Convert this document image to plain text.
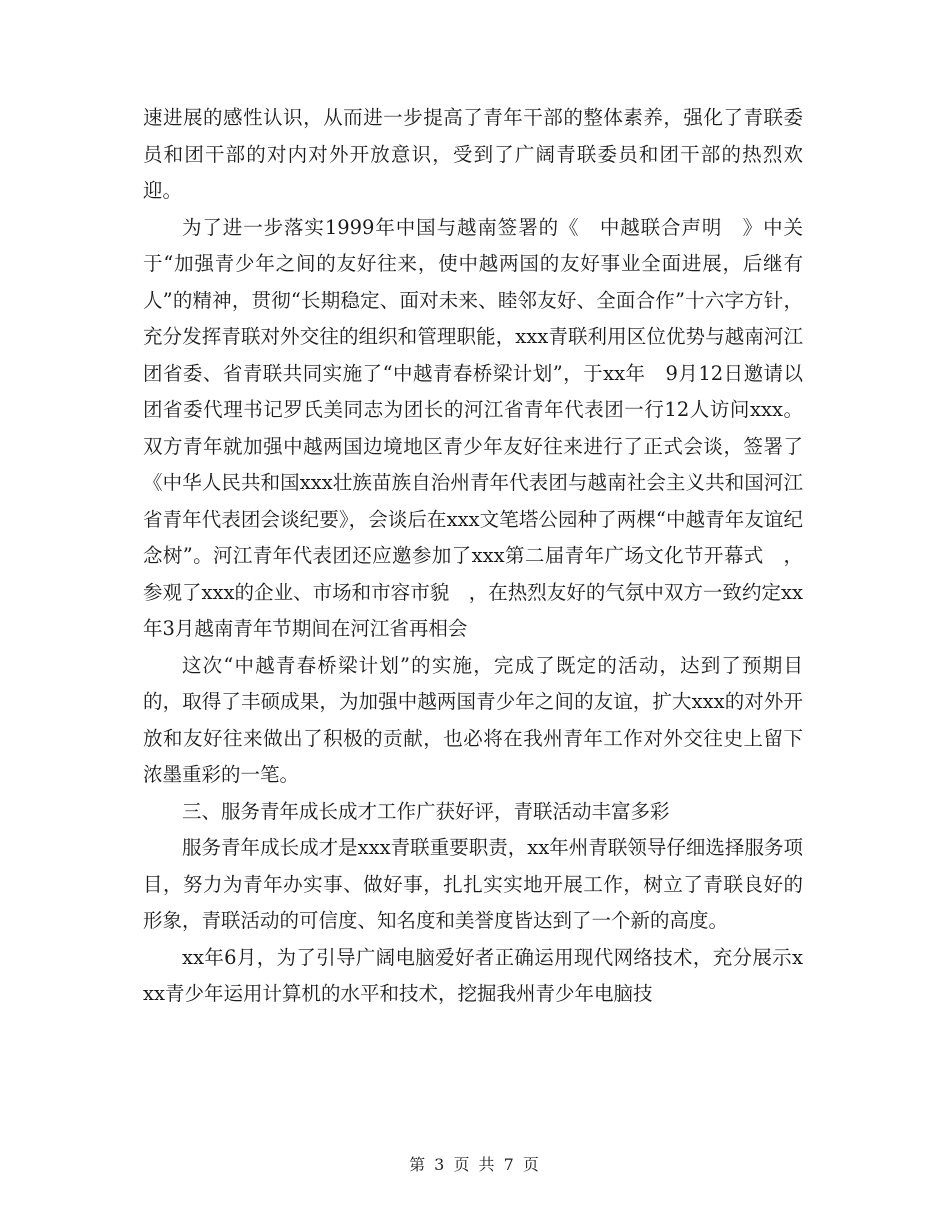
速进展的感性认识，从而进一步提高了青年干部的整体素养，强化了青联委员和团干部的对内对外开放意识，受到了广阔青联委员和团干部的热烈欢迎。

为了进一步落实1999年中国与越南签署的《　中越联合声明　》中关于“加强青少年之间的友好往来，使中越两国的友好事业全面进展，后继有人”的精神，贯彻“长期稳定、面对未来、睦邻友好、全面合作”十六字方针，充分发挥青联对外交往的组织和管理职能，xxx青联利用区位优势与越南河江团省委、省青联共同实施了“中越青春桥梁计划”，于xx年　9月12日邀请以团省委代理书记罗氏美同志为团长的河江省青年代表团一行12人访问xxx。双方青年就加强中越两国边境地区青少年友好往来进行了正式会谈，签署了《中华人民共和国xxx壮族苗族自治州青年代表团与越南社会主义共和国河江省青年代表团会谈纪要》，会谈后在xxx文笔塔公园种了两棵“中越青年友谊纪念树”。河江青年代表团还应邀参加了xxx第二届青年广场文化节开幕式　，参观了xxx的企业、市场和市容市貌　，在热烈友好的气氛中双方一致约定xx年3月越南青年节期间在河江省再相会

这次“中越青春桥梁计划”的实施，完成了既定的活动，达到了预期目的，取得了丰硕成果，为加强中越两国青少年之间的友谊，扩大xxx的对外开放和友好往来做出了积极的贡献，也必将在我州青年工作对外交往史上留下浓墨重彩的一笔。

三、服务青年成长成才工作广获好评，青联活动丰富多彩

服务青年成长成才是xxx青联重要职责，xx年州青联领导仔细选择服务项目，努力为青年办实事、做好事，扎扎实实地开展工作，树立了青联良好的形象，青联活动的可信度、知名度和美誉度皆达到了一个新的高度。

xx年6月，为了引导广阔电脑爱好者正确运用现代网络技术，充分展示xxx青少年运用计算机的水平和技术，挖掘我州青少年电脑技

第 3 页 共 7 页
